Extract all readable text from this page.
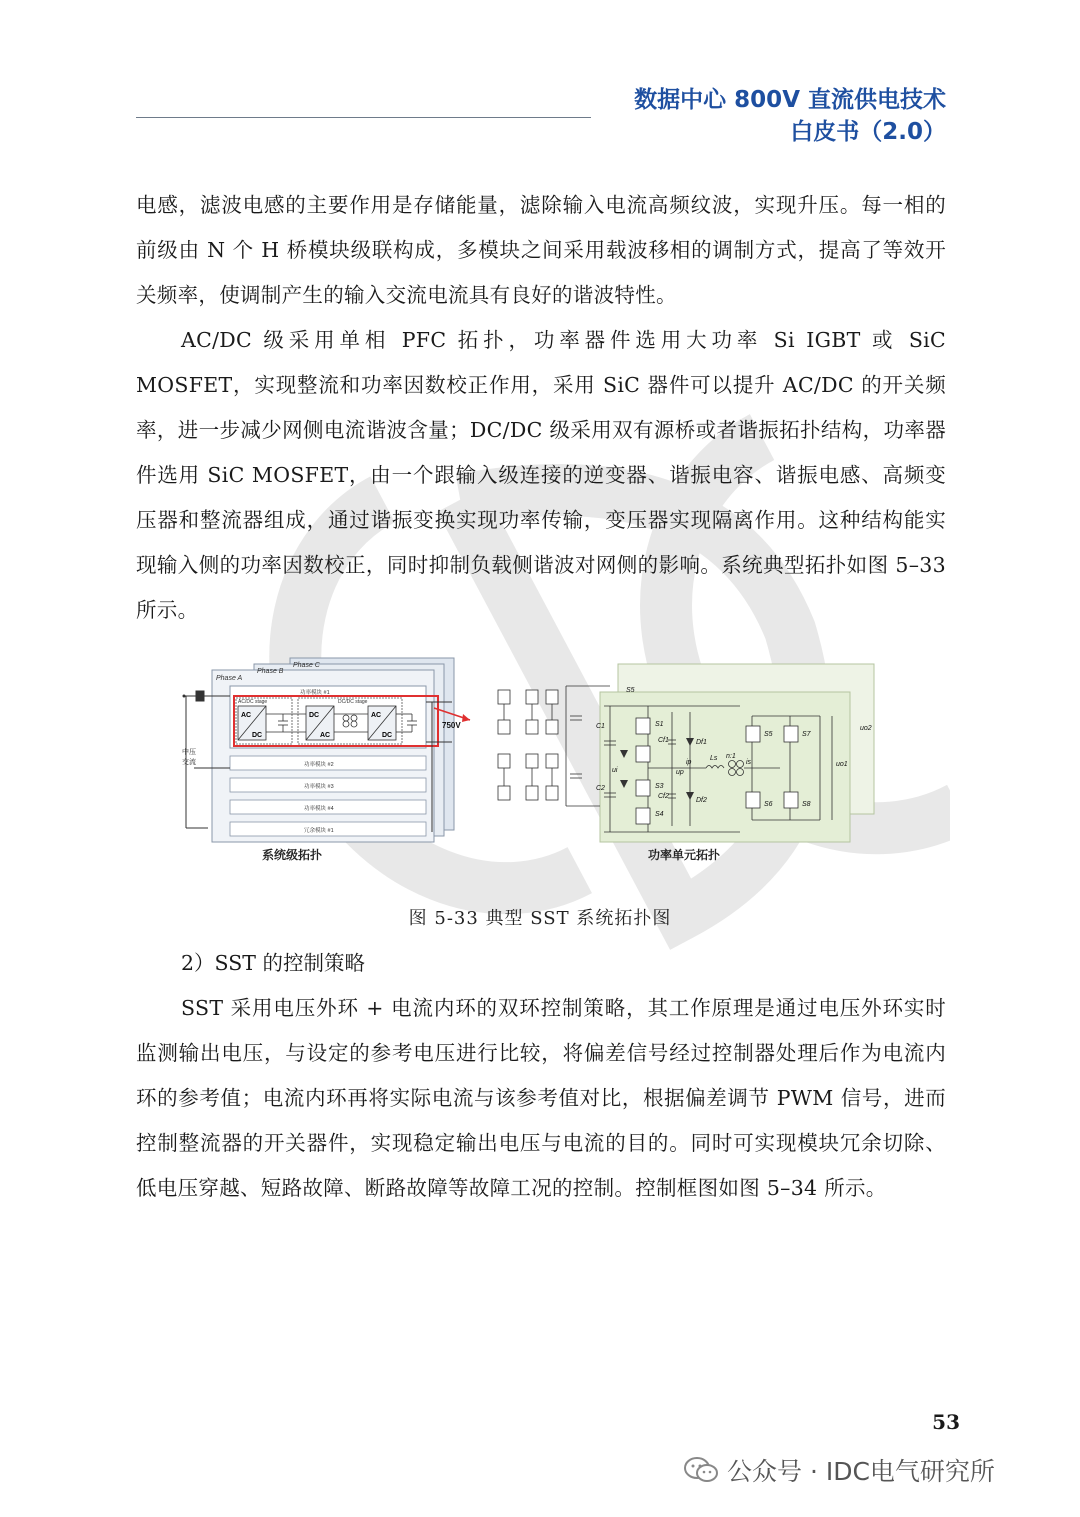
数据中心 800V 直流供电技术
白皮书（2.0）

电感，滤波电感的主要作用是存储能量，滤除输入电流高频纹波，实现升压。每一相的前级由 N 个 H 桥模块级联构成，多模块之间采用载波移相的调制方式，提高了等效开关频率，使调制产生的输入交流电流具有良好的谐波特性。

AC/DC 级采用单相 PFC 拓扑，功率器件选用大功率 Si IGBT 或 SiC MOSFET，实现整流和功率因数校正作用，采用 SiC 器件可以提升 AC/DC 的开关频率，进一步减少网侧电流谐波含量；DC/DC 级采用双有源桥或者谐振拓扑结构，功率器件选用 SiC MOSFET，由一个跟输入级连接的逆变器、谐振电容、谐振电感、高频变压器和整流器组成，通过谐振变换实现功率传输，变压器实现隔离作用。这种结构能实现输入侧的功率因数校正，同时抑制负载侧谐波对网侧的影响。系统典型拓扑如图 5–33 所示。

Phase C
Phase B
Phase A
功率模块 #1
AC/DC stage	DC/DC stage
AC
DC
DC
AC
AC
DC
750V
功率模块 #2
功率模块 #3
功率模块 #4
冗余模块 #1
中压
交流
S1
S5
S4
S3
S5	S7
S6	S8
C1
C2
Cf1
Cf2
Df1
Df2
ui	up
ip
Ls n:1
is	uo1
uo2
系统级拓扑	功率单元拓扑
图 5-33 典型 SST 系统拓扑图
2）SST 的控制策略

SST 采用电压外环 + 电流内环的双环控制策略，其工作原理是通过电压外环实时监测输出电压，与设定的参考电压进行比较，将偏差信号经过控制器处理后作为电流内环的参考值；电流内环再将实际电流与该参考值对比，根据偏差调节 PWM 信号，进而控制整流器的开关器件，实现稳定输出电压与电流的目的。同时可实现模块冗余切除、低电压穿越、短路故障、断路故障等故障工况的控制。控制框图如图 5–34 所示。

53
公众号 · IDC电气研究所
